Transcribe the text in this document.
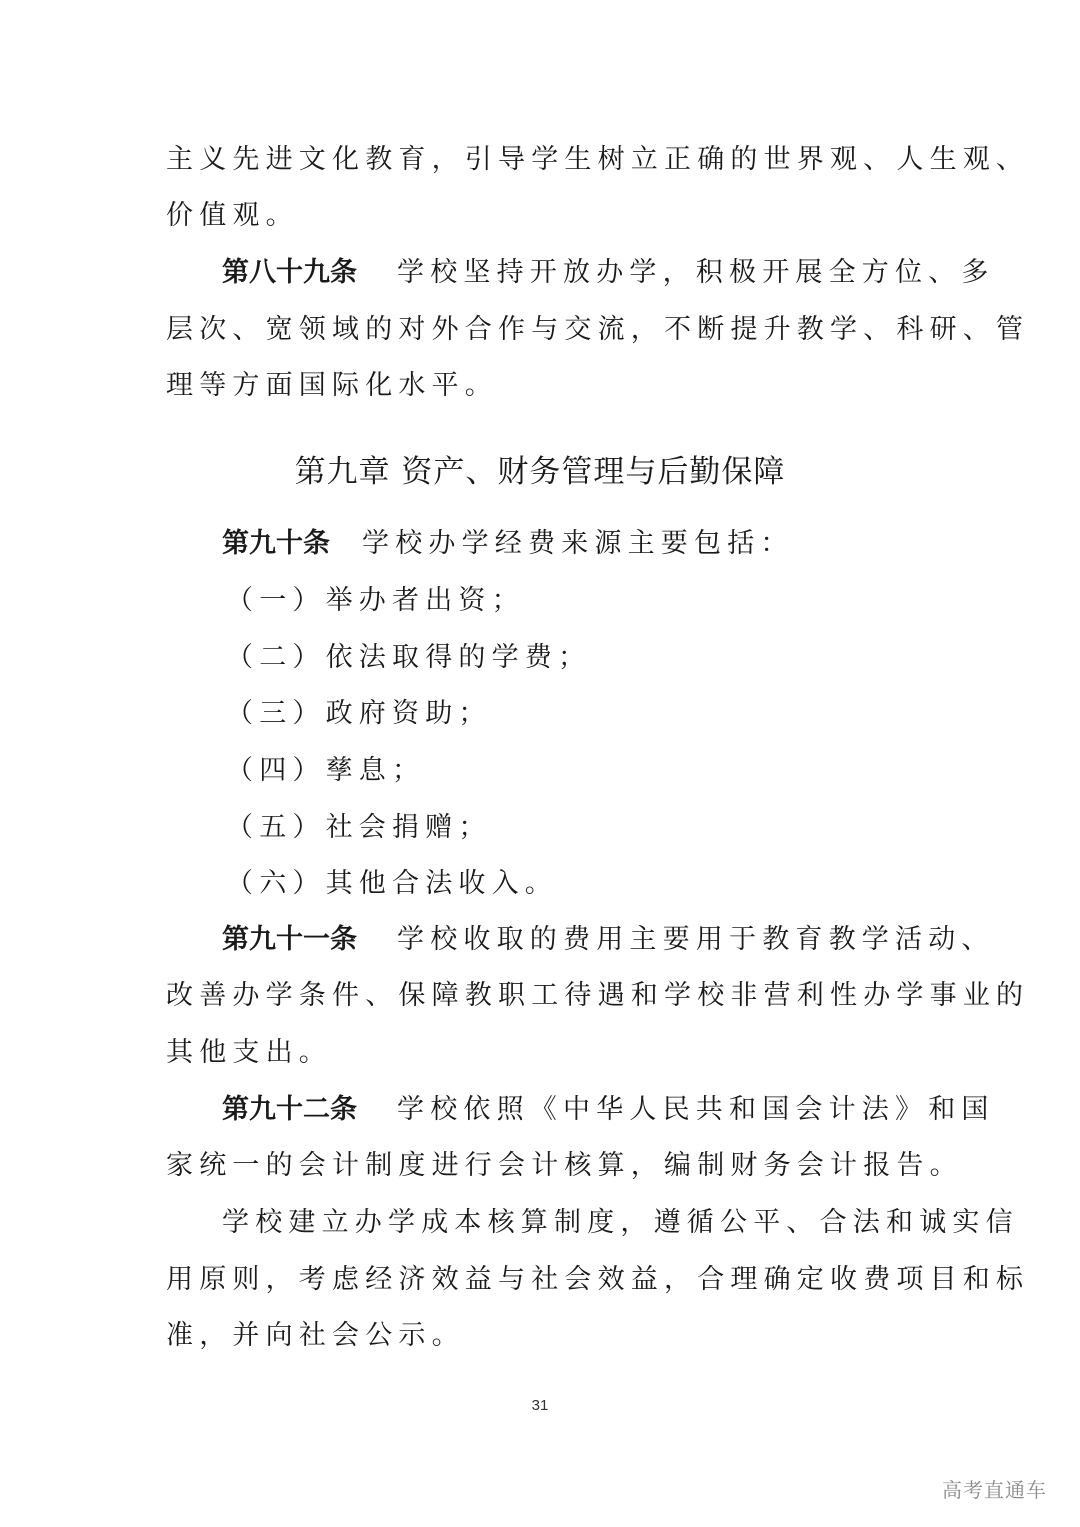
主义先进文化教育，引导学生树立正确的世界观、人生观、
价值观。
第八十九条 学校坚持开放办学，积极开展全方位、多
层次、宽领域的对外合作与交流，不断提升教学、科研、管
理等方面国际化水平。
第九章 资产、财务管理与后勤保障
第九十条 学校办学经费来源主要包括：
（一）举办者出资；
（二）依法取得的学费；
（三）政府资助；
（四）孳息；
（五）社会捐赠；
（六）其他合法收入。
第九十一条 学校收取的费用主要用于教育教学活动、
改善办学条件、保障教职工待遇和学校非营利性办学事业的
其他支出。
第九十二条 学校依照《中华人民共和国会计法》和国
家统一的会计制度进行会计核算，编制财务会计报告。
学校建立办学成本核算制度，遵循公平、合法和诚实信
用原则，考虑经济效益与社会效益，合理确定收费项目和标
准，并向社会公示。
31
高考直通车
